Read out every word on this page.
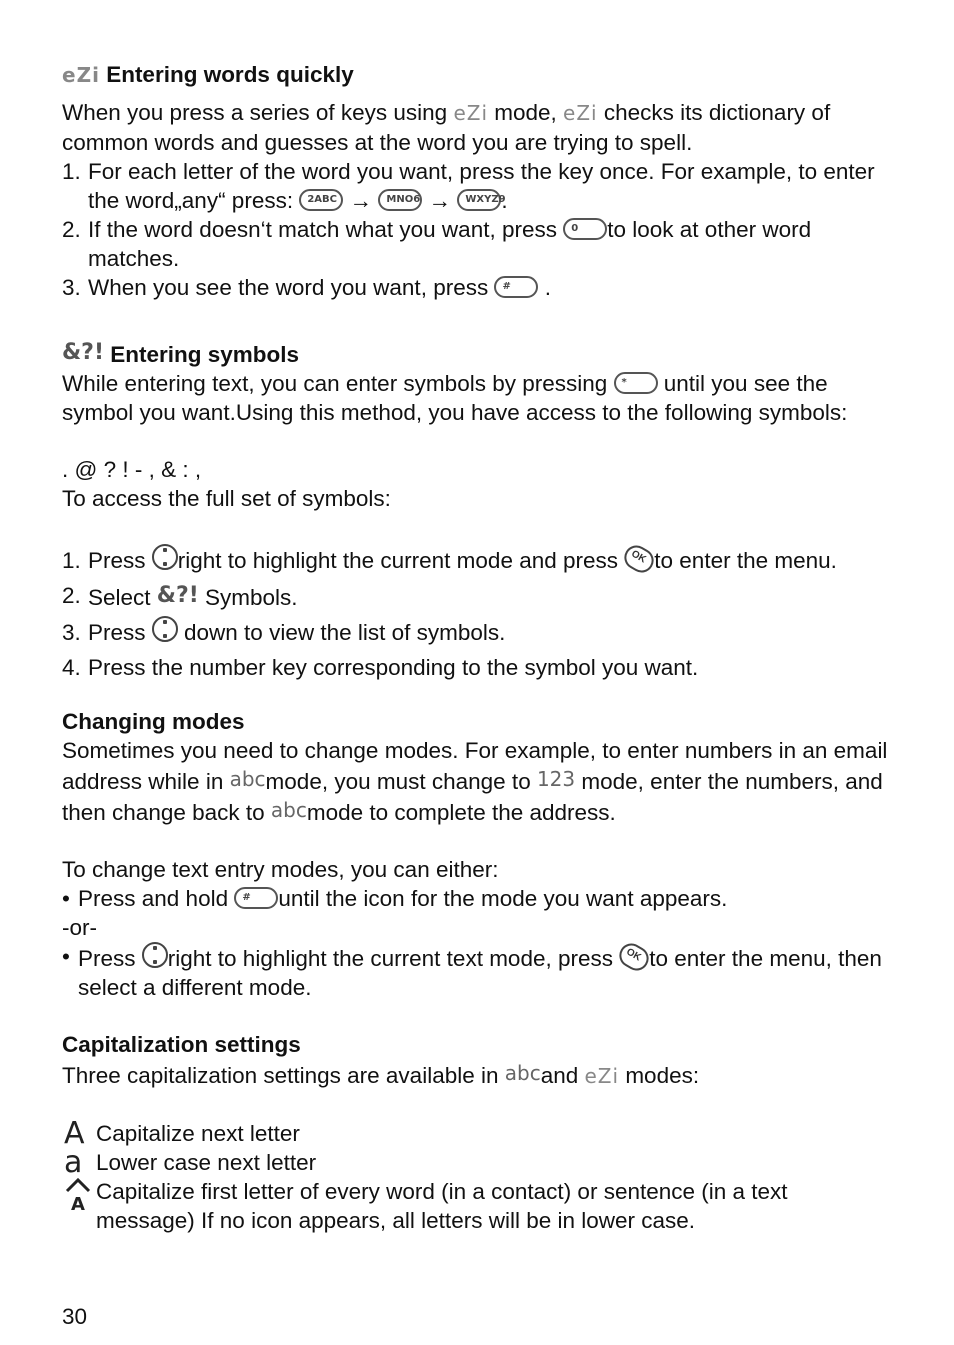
eZi Entering words quickly

When you press a series of keys using eZi mode, eZi checks its dictionary of common words and guesses at the word you are trying to spell.

1. For each letter of the word you want, press the key once. For example, to enter the word„any“ press: 2ABC → MNO6 → WXYZ9
.
2. If the word doesn‘t match what you want, press 0 to look at other word matches.
3. When you see the word you want, press # .

&?! Entering symbols

While entering text, you can enter symbols by pressing * until you see the symbol you want.Using this method, you have access to the following symbols:

. @ ? ! - , & : ,

To access the full set of symbols:

1. Press right to highlight the current mode and press OK to enter the menu.
2. Select &?! Symbols.
3. Press  down to view the list of symbols.
4. Press the number key corresponding to the symbol you want.

Changing modes

Sometimes you need to change modes. For example, to enter numbers in an email address while in abcmode, you must change to 123 mode, enter the numbers, and then change back to abcmode to complete the address.

To change text entry modes, you can either:

• Press and hold # until the icon for the mode you want appears.

-or-

• Press right to highlight the current text mode, press OK to enter the menu, then select a different mode.

Capitalization settings

Three capitalization settings are available in abcand eZi modes:

A Capitalize next letter
a Lower case next letter
A
Capitalize first letter of every word (in a contact) or sentence (in a text message) If no icon appears, all letters will be in lower case.
30
